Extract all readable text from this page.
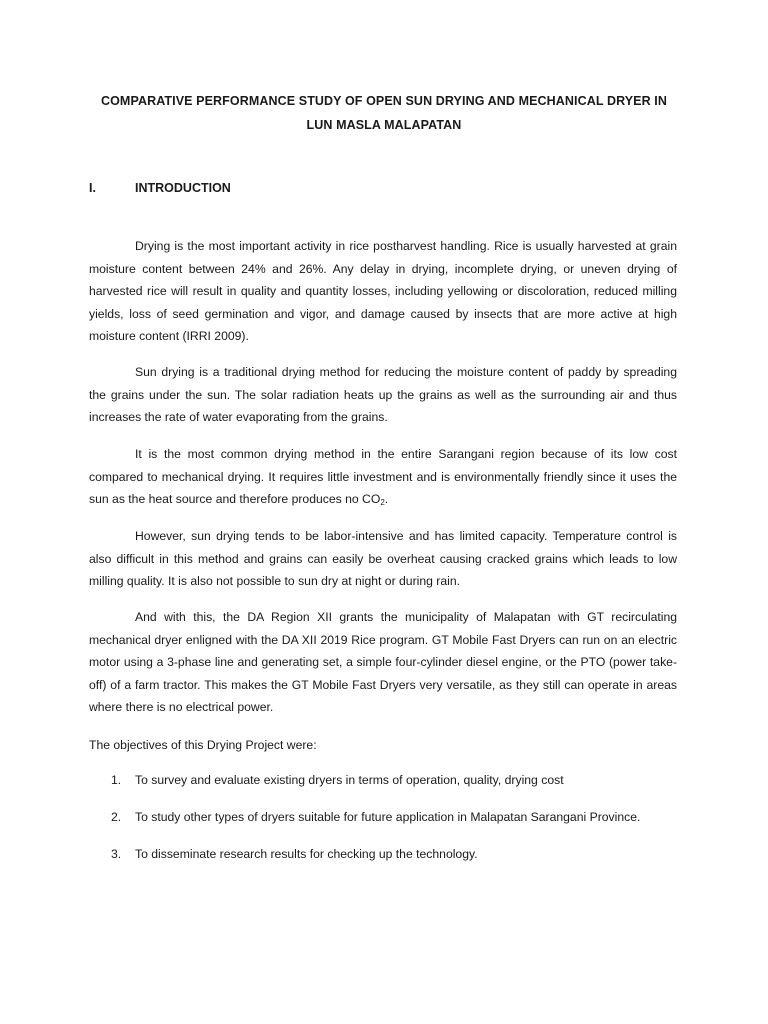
COMPARATIVE PERFORMANCE STUDY OF OPEN SUN DRYING AND MECHANICAL DRYER IN
LUN MASLA MALAPATAN
I.	INTRODUCTION

Drying is the most important activity in rice postharvest handling. Rice is usually harvested at grain moisture content between 24% and 26%. Any delay in drying, incomplete drying, or uneven drying of harvested rice will result in quality and quantity losses, including yellowing or discoloration, reduced milling yields, loss of seed germination and vigor, and damage caused by insects that are more active at high moisture content (IRRI 2009).

Sun drying is a traditional drying method for reducing the moisture content of paddy by spreading the grains under the sun. The solar radiation heats up the grains as well as the surrounding air and thus increases the rate of water evaporating from the grains.

It is the most common drying method in the entire Sarangani region because of its low cost compared to mechanical drying. It requires little investment and is environmentally friendly since it uses the sun as the heat source and therefore produces no $CO_2$.

However, sun drying tends to be labor-intensive and has limited capacity. Temperature control is also difficult in this method and grains can easily be overheat causing cracked grains which leads to low milling quality. It is also not possible to sun dry at night or during rain.

And with this, the DA Region XII grants the municipality of Malapatan with GT recirculating mechanical dryer enligned with the DA XII 2019 Rice program. GT Mobile Fast Dryers can run on an electric motor using a 3-phase line and generating set, a simple four-cylinder diesel engine, or the PTO (power take-off) of a farm tractor. This makes the GT Mobile Fast Dryers very versatile, as they still can operate in areas where there is no electrical power.

The objectives of this Drying Project were:
1. To survey and evaluate existing dryers in terms of operation, quality, drying cost
2. To study other types of dryers suitable for future application in Malapatan Sarangani Province.
3. To disseminate research results for checking up the technology.
